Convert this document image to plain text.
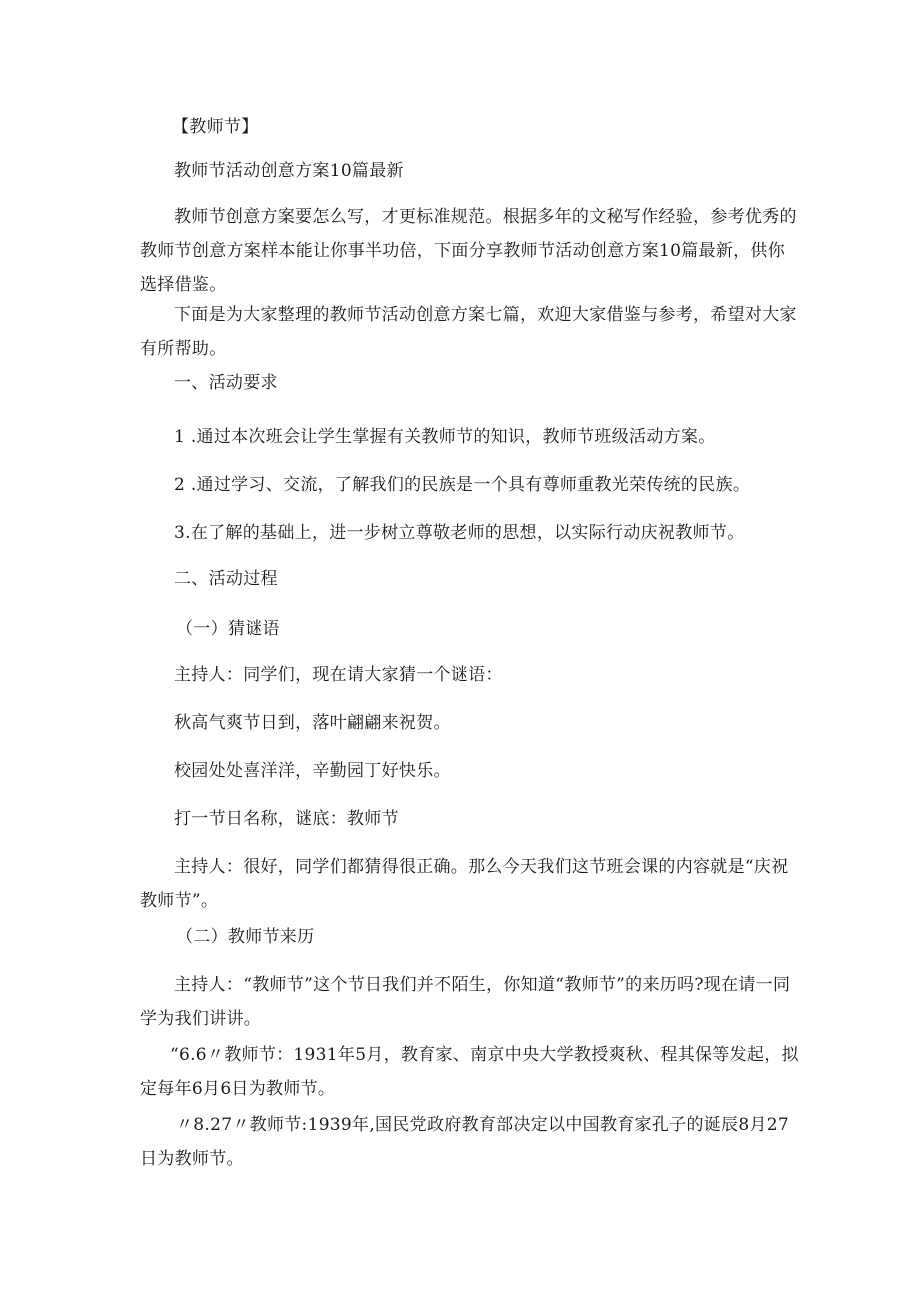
【教师节】

教师节活动创意方案10篇最新

教师节创意方案要怎么写，才更标准规范。根据多年的文秘写作经验，参考优秀的教师节创意方案样本能让你事半功倍，下面分享教师节活动创意方案10篇最新，供你选择借鉴。

下面是为大家整理的教师节活动创意方案七篇，欢迎大家借鉴与参考，希望对大家有所帮助。

一、活动要求

1 .通过本次班会让学生掌握有关教师节的知识，教师节班级活动方案。

2 .通过学习、交流，了解我们的民族是一个具有尊师重教光荣传统的民族。

3.在了解的基础上，进一步树立尊敬老师的思想，以实际行动庆祝教师节。

二、活动过程

（一）猜谜语

主持人：同学们，现在请大家猜一个谜语：

秋高气爽节日到，落叶翩翩来祝贺。

校园处处喜洋洋，辛勤园丁好快乐。

打一节日名称，谜底：教师节

主持人：很好，同学们都猜得很正确。那么今天我们这节班会课的内容就是“庆祝教师节”。

（二）教师节来历

主持人：“教师节”这个节日我们并不陌生，你知道“教师节”的来历吗?现在请一同学为我们讲讲。

“6.6〃教师节：1931年5月，教育家、南京中央大学教授爽秋、程其保等发起，拟定每年6月6日为教师节。

〃8.27〃教师节:1939年,国民党政府教育部决定以中国教育家孔子的诞辰8月27日为教师节。
